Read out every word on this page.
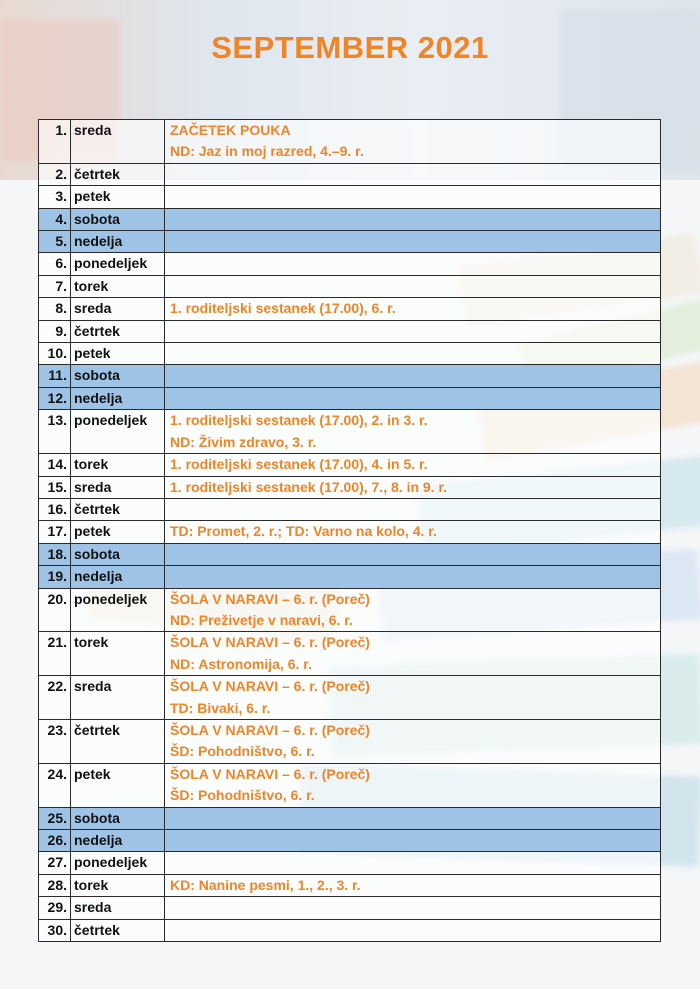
SEPTEMBER 2021
1.	sreda	ZAČETEK POUKA
ND: Jaz in moj razred, 4.–9. r.

2.	četrtek	
3.	petek	
4.	sobota	
5.	nedelja	
6.	ponedeljek	
7.	torek	
8.	sreda	1. roditeljski sestanek (17.00), 6. r.

9.	četrtek	
10.	petek	
11.	sobota	
12.	nedelja	
13.	ponedeljek	1. roditeljski sestanek (17.00), 2. in 3. r.
ND: Živim zdravo, 3. r.

14.	torek	1. roditeljski sestanek (17.00), 4. in 5. r.

15.	sreda	1. roditeljski sestanek (17.00), 7., 8. in 9. r.

16.	četrtek	
17.	petek	TD: Promet, 2. r.; TD: Varno na kolo, 4. r.

18.	sobota	
19.	nedelja	
20.	ponedeljek	ŠOLA V NARAVI – 6. r. (Poreč)
ND: Preživetje v naravi, 6. r.

21.	torek	ŠOLA V NARAVI – 6. r. (Poreč)
ND: Astronomija, 6. r.

22.	sreda	ŠOLA V NARAVI – 6. r. (Poreč)
TD: Bivaki, 6. r.

23.	četrtek	ŠOLA V NARAVI – 6. r. (Poreč)
ŠD: Pohodništvo, 6. r.

24.	petek	ŠOLA V NARAVI – 6. r. (Poreč)
ŠD: Pohodništvo, 6. r.

25.	sobota	
26.	nedelja	
27.	ponedeljek	
28.	torek	KD: Nanine pesmi, 1., 2., 3. r.

29.	sreda	
30.	četrtek	
